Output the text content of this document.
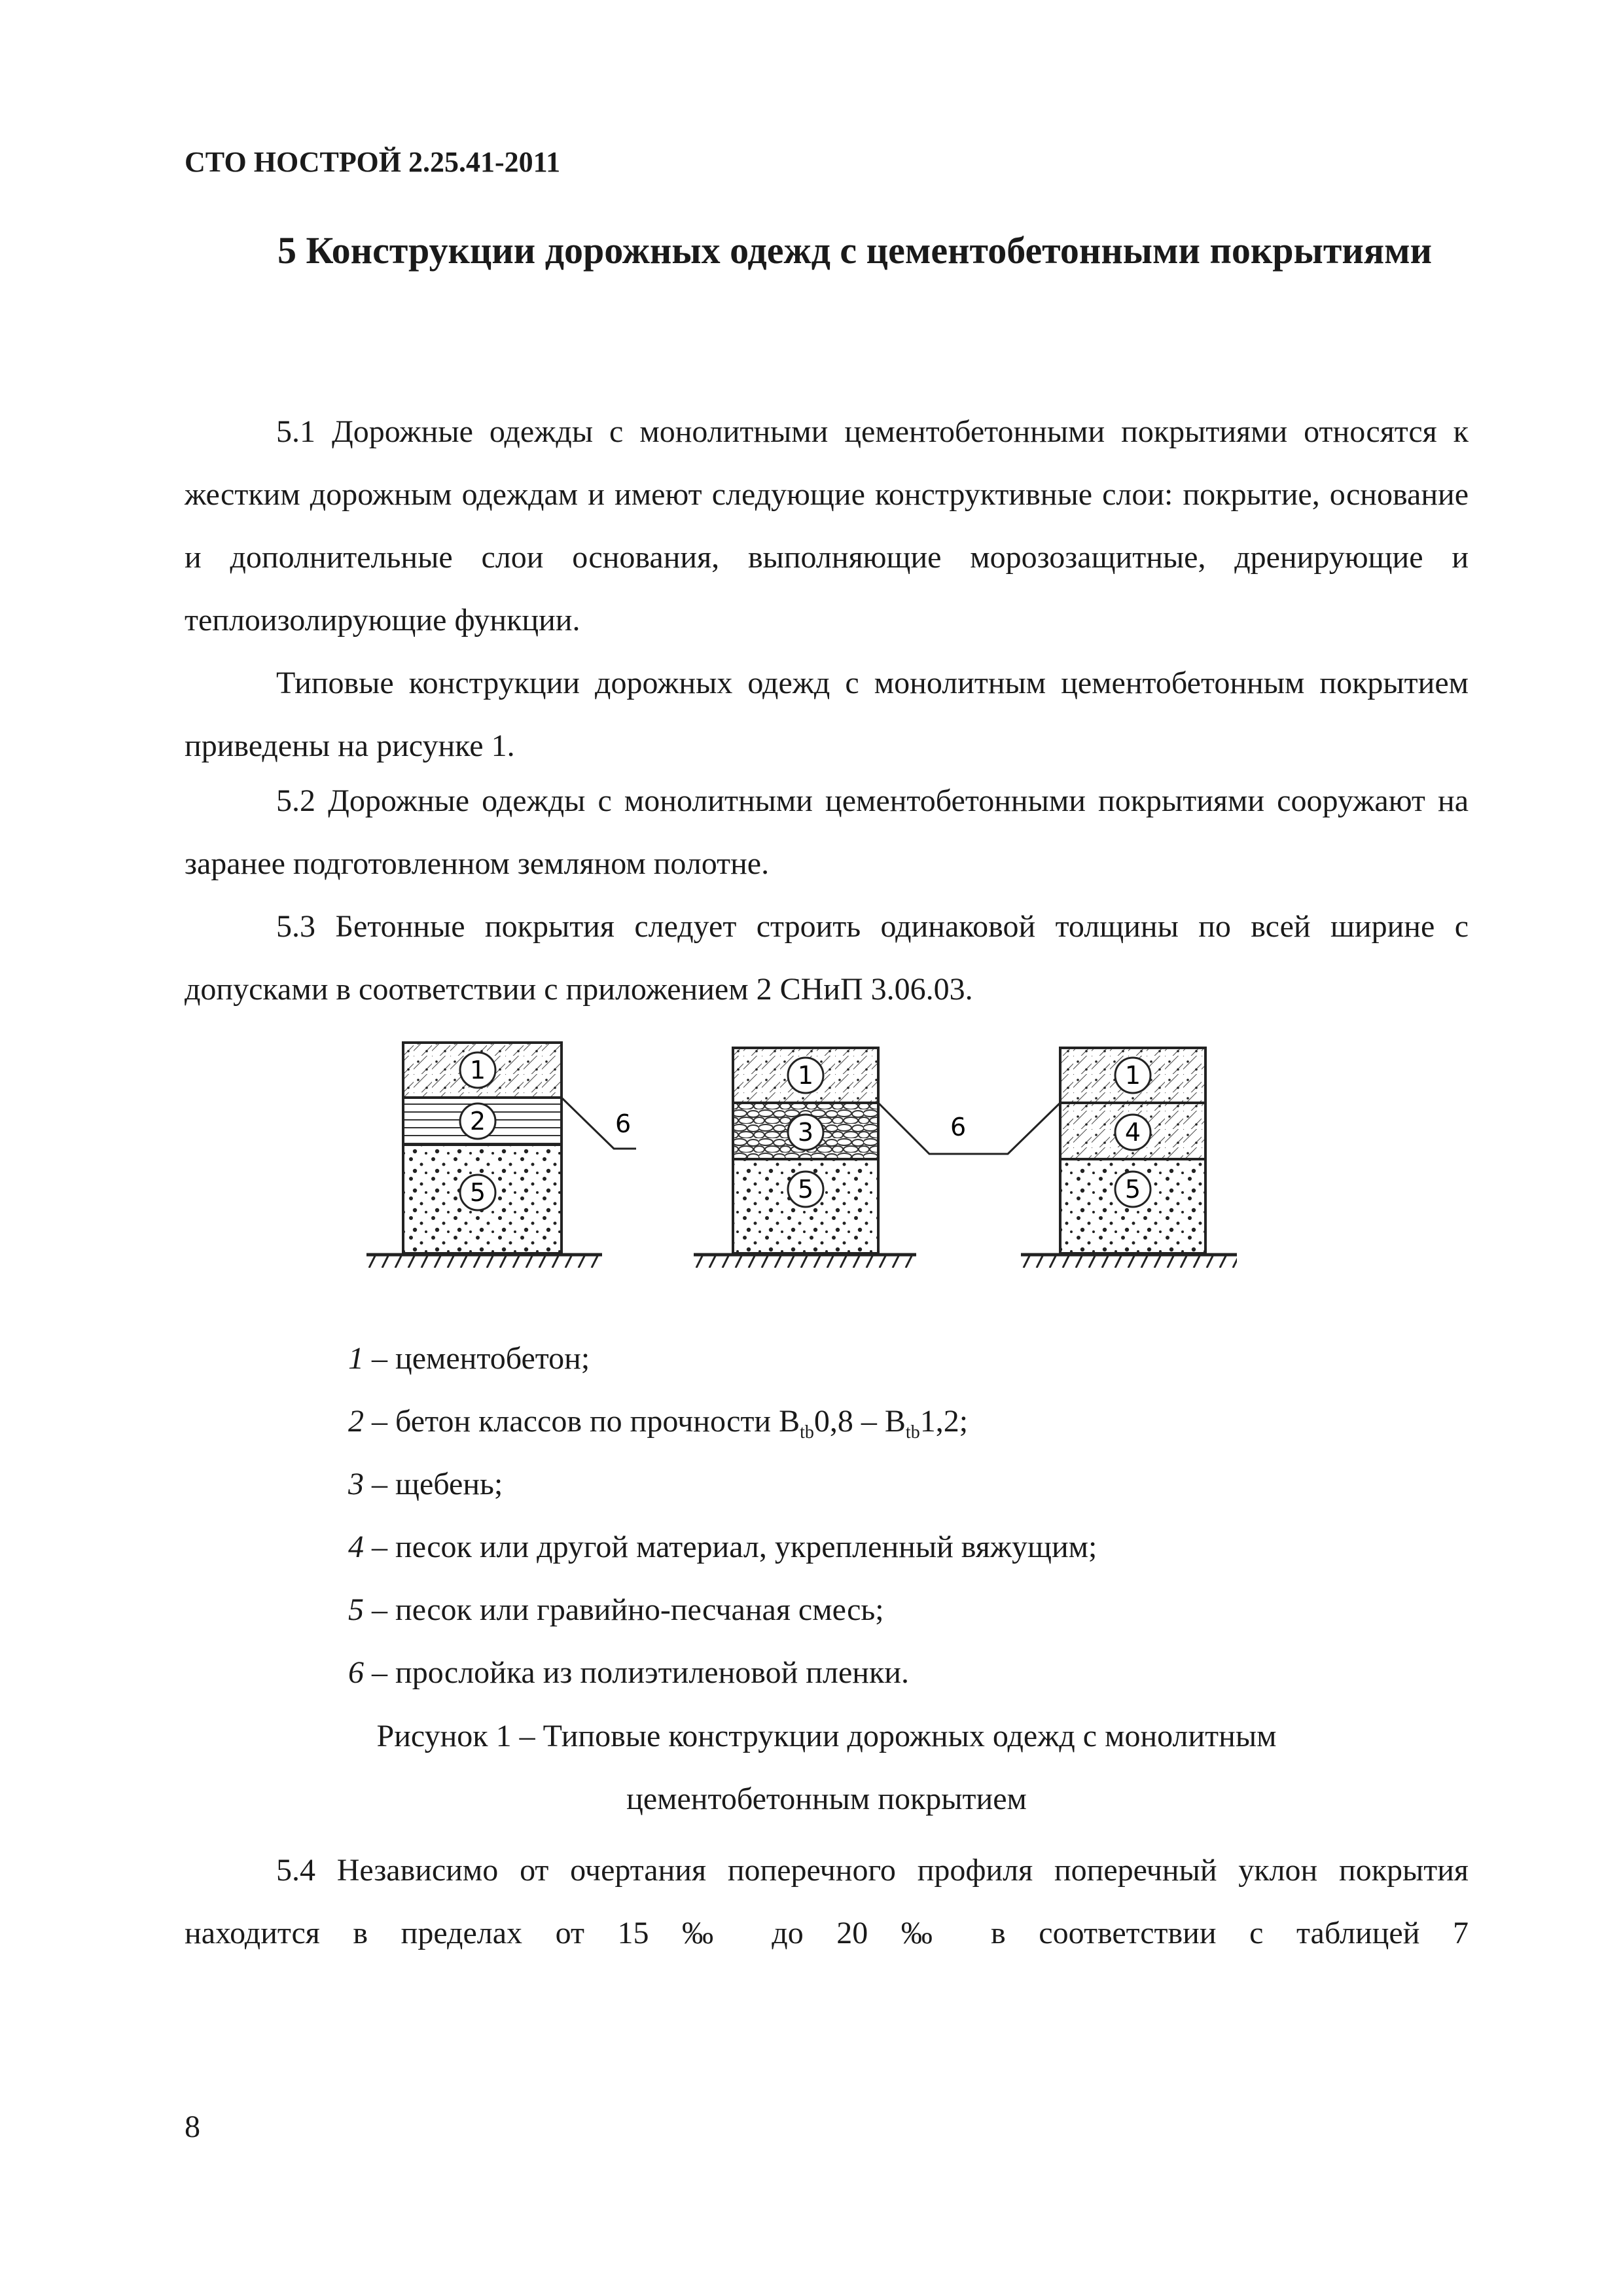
СТО НОСТРОЙ 2.25.41-2011
5 Конструкции дорожных одежд с цементобетонными покрытиями

5.1 Дорожные одежды с монолитными цементобетонными покрытиями относятся к жестким дорожным одеждам и имеют следующие конструктивные слои: покрытие, основание и дополнительные слои основания, выполняющие морозозащитные, дренирующие и теплоизолирующие функции.

Типовые конструкции дорожных одежд с монолитным цементобетонным покрытием приведены на рисунке 1.

5.2 Дорожные одежды с монолитными цементобетонными покрытиями сооружают на заранее подготовленном земляном полотне.

5.3 Бетонные покрытия следует строить одинаковой толщины по всей ширине с допусками в соответствии с приложением 2 СНиП 3.06.03.

1
2
5
6
1
3
5
1
4
5
6
1 – цементобетон;
2 – бетон классов по прочности $B_{tb}0,8 - B_{tb}1,2$;
3 – щебень;
4 – песок или другой материал, укрепленный вяжущим;
5 – песок или гравийно-песчаная смесь;
6 – прослойка из полиэтиленовой пленки.
Рисунок 1 – Типовые конструкции дорожных одежд с монолитным
цементобетонным покрытием

5.4 Независимо от очертания поперечного профиля поперечный уклон покрытия находится в пределах от 15 ‰ до 20 ‰ в соответствии с таблицей 7

8
